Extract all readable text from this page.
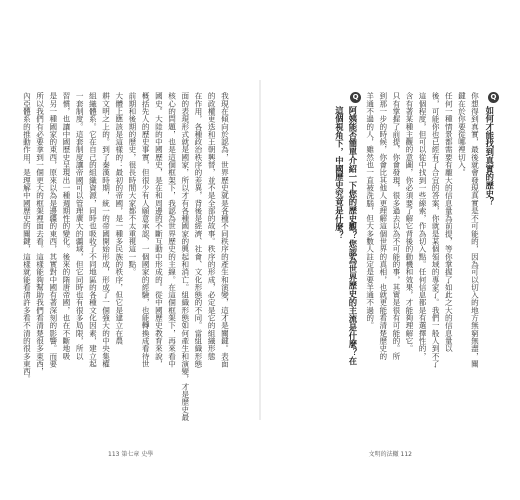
我現在傾向於認為，世界歷史就是各種不同秩序的產生和演變，這才是關鍵。表面
的政權更迭和王朝興替，並不是全部的故事。秩序的形成，必定是它的組織形態
在作用，各種政治秩序的差異，背後是經濟、社會、文化形態的不同。當組織形態
面的表現形式就是國家，所以才有各種國家的興起和消亡。組織形態如何產生和演變，才是歷史最
核心的問題，也是這個框架下，我認為世界歷史的主線。在這個框架下，再來看中
國史。大陸的中國歷史，是在和周邊的不斷互動中形成的。從中國歷史教育來說，
概括先人的歷史事實，但很少有人願意承認，一個國家的經驗，也能轉換成看待世
前期和後期的歷史，很長時間大家都不太重視這一點。
大體上應該是這樣的：最初的帝國，是一種多民族的秩序，但它是建立在農
耕文明之上的。到了秦漢時期，統一的帝國開始形成，形成了一個強大的中央集權
組織體系。它在自己的組織資源，同時也吸收了不同地區的各種文化因素，建立起
一套制度。這套制度讓帝國可以管理廣大的疆域，但它同時也有很多局限，所以
習慣，也讓中國歷史呈現出一種週期性的變化。後來的隋唐帝國，也在不斷地吸
是另一種國家的東西，原來以為是邊疆的東西，其實對中國有著深刻的影響。而要
所以我們有必要拿到一個更大的框架裡面去看。這樣能夠幫助我們看清楚很多東西，
內亞體系的推動作用，是理解中國歷史的關鍵，這樣就能看清許多看不清的很多東西。
113 第七章 史學
Q
如何才能找到真實的歷史？
你想得到真實，最後就會發現真實是不可能的，因為可以切入的地方無窮無盡，關
鍵在於你要從哪裡切入。
任何一種情景都需要有龐大的信息量為前提，等你掌握了如此之大的信息量以
後，可能你也已經有了合宜的答案，你就是某個領域的專家了。我們一般人到不了
這個程度，但可以從中找到一些線索，作為切入點。任何信息都是有選擇性的，
含有著某種主觀的意圖，你必須要了解它背後的動機和效果，才能夠理解它。
只有掌握了前提，你會發現，很多過去以為不可能的事，其實是很有可能的。所
到那一步的時候，你會比其他人更理解這個世界的真相，也就更能看清楚歷史的
羊通不過的人，雖然也一直被洗腦，但大多數人註定是要羊通不過的。
Q
阿姨能否簡單介紹一下您的歷史觀？您認為世界歷史的主流是什麼？在
這個視角下，中國歷史究竟是什麼？
文明的法轍 112
